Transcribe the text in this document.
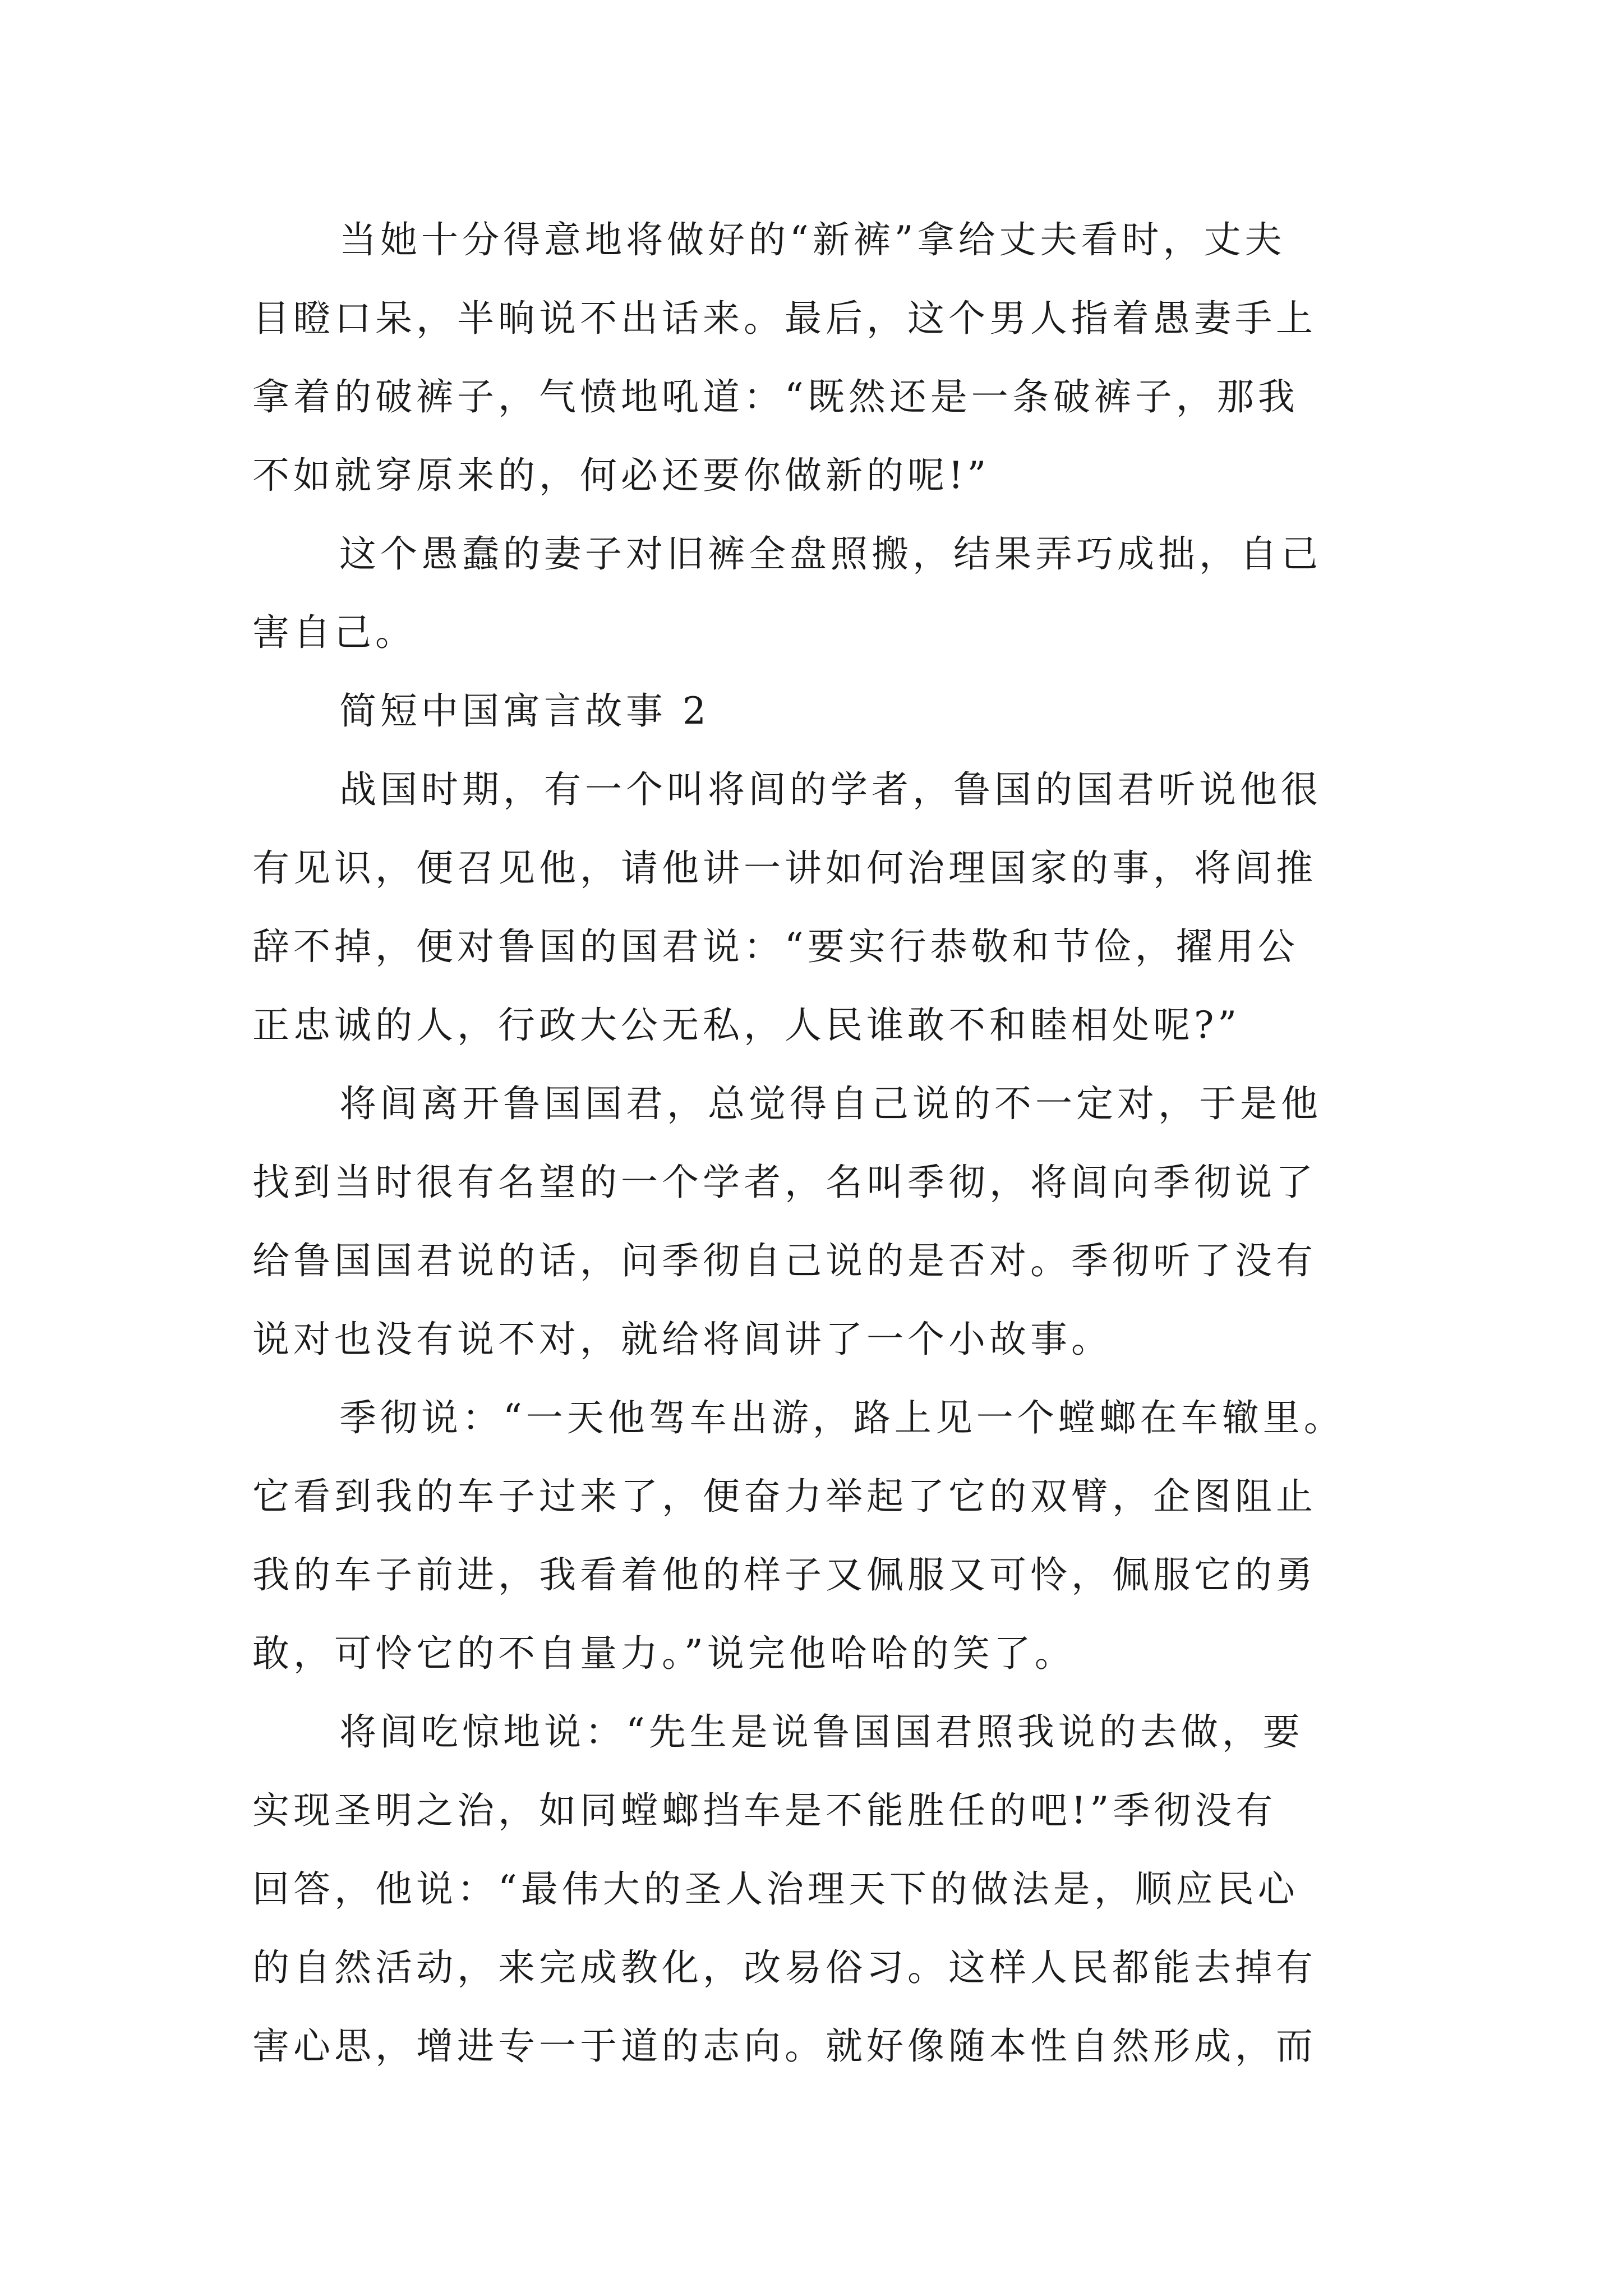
当她十分得意地将做好的“新裤”拿给丈夫看时，丈夫
目瞪口呆，半晌说不出话来。最后，这个男人指着愚妻手上
拿着的破裤子，气愤地吼道：“既然还是一条破裤子，那我
不如就穿原来的，何必还要你做新的呢!”
这个愚蠢的妻子对旧裤全盘照搬，结果弄巧成拙，自己
害自己。
简短中国寓言故事 2
战国时期，有一个叫将闾的学者，鲁国的国君听说他很
有见识，便召见他，请他讲一讲如何治理国家的事，将闾推
辞不掉，便对鲁国的国君说：“要实行恭敬和节俭，擢用公
正忠诚的人，行政大公无私，人民谁敢不和睦相处呢?”
将闾离开鲁国国君，总觉得自己说的不一定对，于是他
找到当时很有名望的一个学者，名叫季彻，将闾向季彻说了
给鲁国国君说的话，问季彻自己说的是否对。季彻听了没有
说对也没有说不对，就给将闾讲了一个小故事。
季彻说：“一天他驾车出游，路上见一个螳螂在车辙里。
它看到我的车子过来了，便奋力举起了它的双臂，企图阻止
我的车子前进，我看着他的样子又佩服又可怜，佩服它的勇
敢，可怜它的不自量力。”说完他哈哈的笑了。
将闾吃惊地说：“先生是说鲁国国君照我说的去做，要
实现圣明之治，如同螳螂挡车是不能胜任的吧!”季彻没有
回答，他说：“最伟大的圣人治理天下的做法是，顺应民心
的自然活动，来完成教化，改易俗习。这样人民都能去掉有
害心思，增进专一于道的志向。就好像随本性自然形成，而
